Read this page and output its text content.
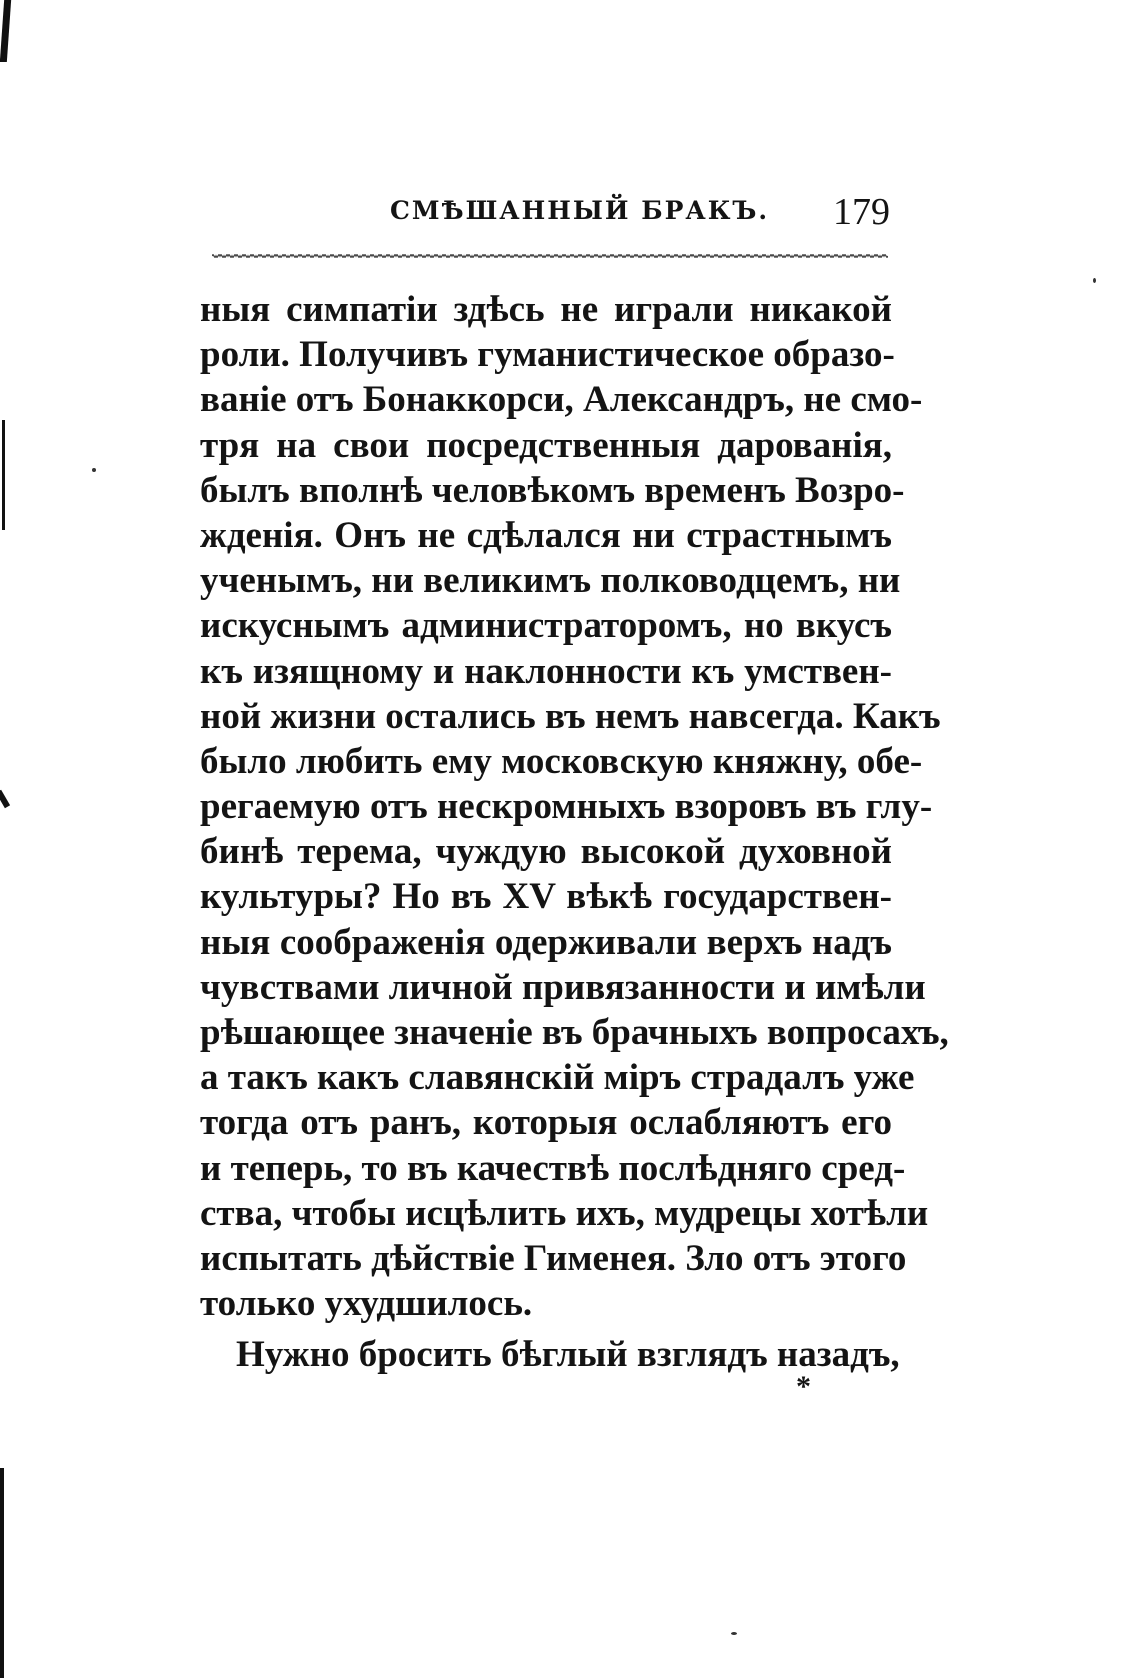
СМѢШАННЫЙ БРАКЪ. 179
ныя симпатіи здѣсь не играли никакой
роли. Получивъ гуманистическое образо-
ваніе отъ Бонаккорси, Александръ, не смо-
тря на свои посредственныя дарованія,
былъ вполнѣ человѣкомъ временъ Возро-
жденія. Онъ не сдѣлался ни страстнымъ
ученымъ, ни великимъ полководцемъ, ни
искуснымъ администраторомъ, но вкусъ
къ изящному и наклонности къ умствен-
ной жизни остались въ немъ навсегда. Какъ
было любить ему московскую княжну, обе-
регаемую отъ нескромныхъ взоровъ въ глу-
бинѣ терема, чуждую высокой духовной
культуры? Но въ XV вѣкѣ государствен-
ныя соображенія одерживали верхъ надъ
чувствами личной привязанности и имѣли
рѣшающее значеніе въ брачныхъ вопросахъ,
а такъ какъ славянскій міръ страдалъ уже
тогда отъ ранъ, которыя ослабляютъ его
и теперь, то въ качествѣ послѣдняго сред-
ства, чтобы исцѣлить ихъ, мудрецы хотѣли
испытать дѣйствіе Гименея. Зло отъ этого
только ухудшилось.
Нужно бросить бѣглый взглядъ назадъ,
*
